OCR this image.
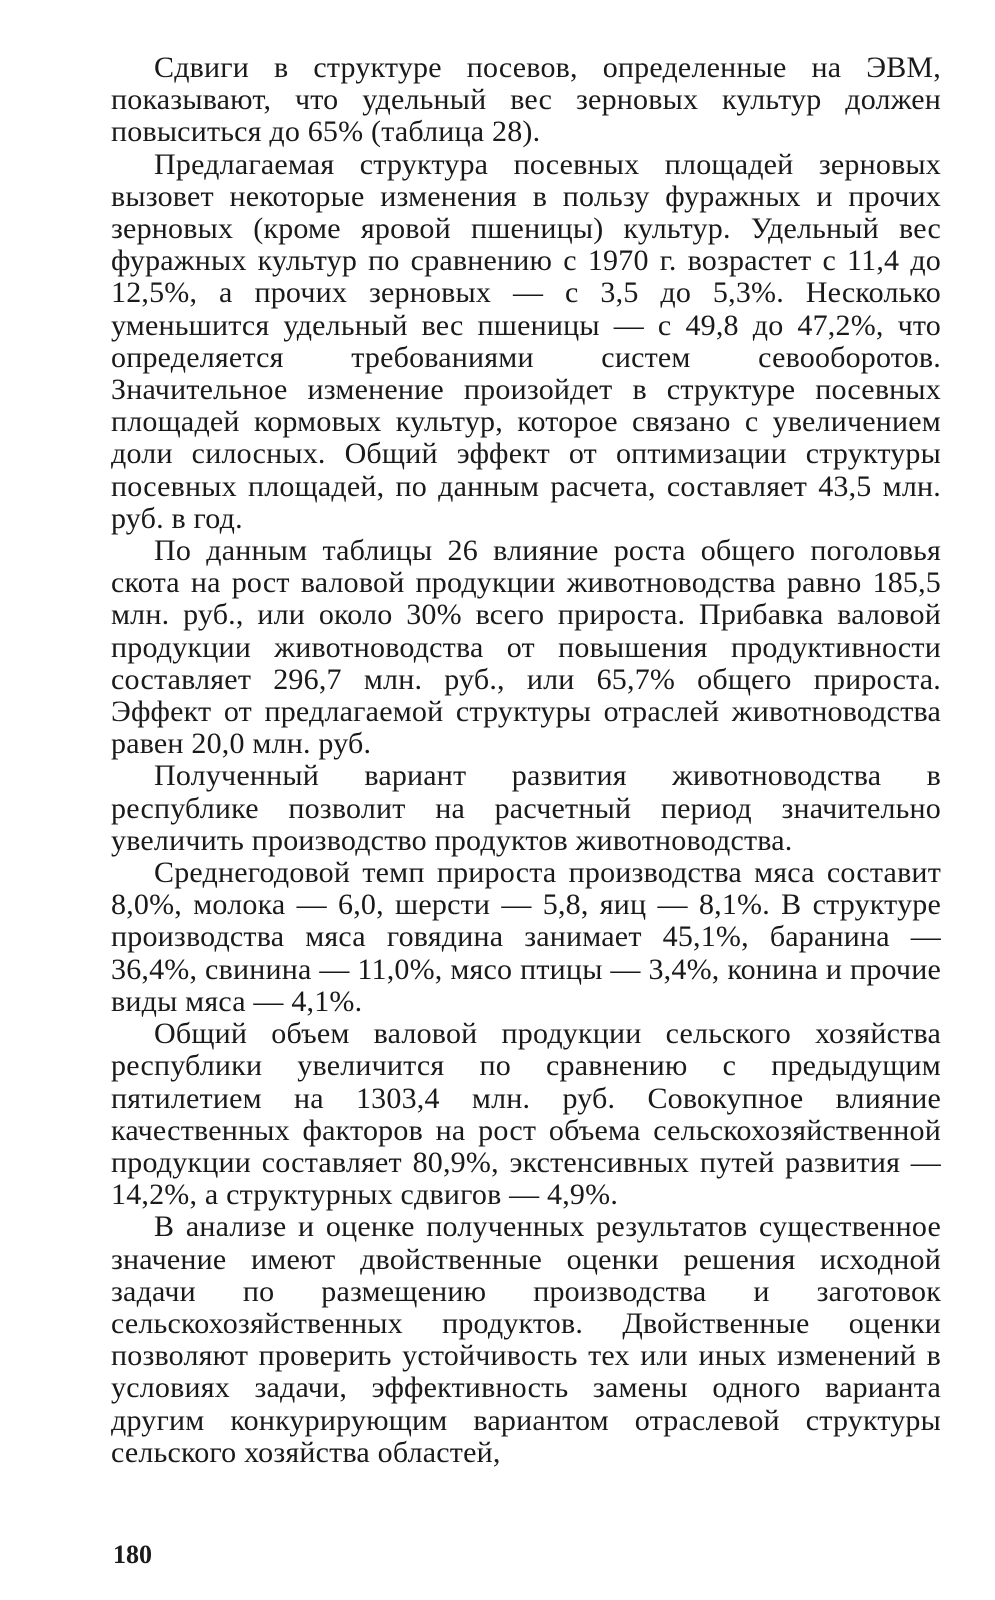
Сдвиги в структуре посевов, определенные на ЭВМ, показывают, что удельный вес зерновых культур должен повыситься до 65% (таблица 28).

Предлагаемая структура посевных площадей зерновых вызовет некоторые изменения в пользу фуражных и прочих зерновых (кроме яровой пшеницы) культур. Удельный вес фуражных культур по сравнению с 1970 г. возрастет с 11,4 до 12,5%, а прочих зерновых — с 3,5 до 5,3%. Несколько уменьшится удельный вес пшеницы — с 49,8 до 47,2%, что определяется требованиями систем севооборотов. Значительное изменение произойдет в структуре посевных площадей кормовых культур, которое связано с увеличением доли силосных. Общий эффект от оптимизации структуры посевных площадей, по данным расчета, составляет 43,5 млн. руб. в год.

По данным таблицы 26 влияние роста общего поголовья скота на рост валовой продукции животноводства равно 185,5 млн. руб., или около 30% всего прироста. Прибавка валовой продукции животноводства от повышения продуктивности составляет 296,7 млн. руб., или 65,7% общего прироста. Эффект от предлагаемой структуры отраслей животноводства равен 20,0 млн. руб.

Полученный вариант развития животноводства в республике позволит на расчетный период значительно увеличить производство продуктов животноводства.

Среднегодовой темп прироста производства мяса составит 8,0%, молока — 6,0, шерсти — 5,8, яиц — 8,1%. В структуре производства мяса говядина занимает 45,1%, баранина — 36,4%, свинина — 11,0%, мясо птицы — 3,4%, конина и прочие виды мяса — 4,1%.

Общий объем валовой продукции сельского хозяйства республики увеличится по сравнению с предыдущим пятилетием на 1303,4 млн. руб. Совокупное влияние качественных факторов на рост объема сельскохозяйственной продукции составляет 80,9%, экстенсивных путей развития — 14,2%, а структурных сдвигов — 4,9%.

В анализе и оценке полученных результатов существенное значение имеют двойственные оценки решения исходной задачи по размещению производства и заготовок сельскохозяйственных продуктов. Двойственные оценки позволяют проверить устойчивость тех или иных изменений в условиях задачи, эффективность замены одного варианта другим конкурирующим вариантом отраслевой структуры сельского хозяйства областей,

180
